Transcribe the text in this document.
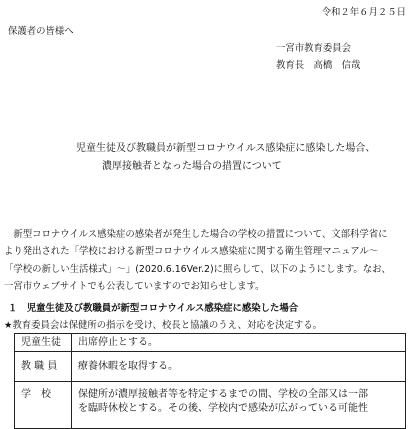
令和２年６月２５日
保護者の皆様へ
一宮市教育委員会
教育長　高橋　信哉
児童生徒及び教職員が新型コロナウイルス感染症に感染した場合、
濃厚接触者となった場合の措置について
　新型コロナウイルス感染症の感染者が発生した場合の学校の措置について、文部科学省に
より発出された「学校における新型コロナウイルス感染症に関する衛生管理マニュアル～
「学校の新しい生活様式」～」(2020.6.16Ver.2)に照らして、以下のようにします。なお、
一宮市ウェブサイトでも公表していますのでお知らせします。
１　児童生徒及び教職員が新型コロナウイルス感染症に感染した場合
★教育委員会は保健所の指示を受け、校長と協議のうえ、対応を決定する。
児童生徒	出席停止とする。
教 職 員	療養休暇を取得する。
学　校	保健所が濃厚接触者等を特定するまでの間、学校の全部又は一部
を臨時休校とする。その後、学校内で感染が広がっている可能性
